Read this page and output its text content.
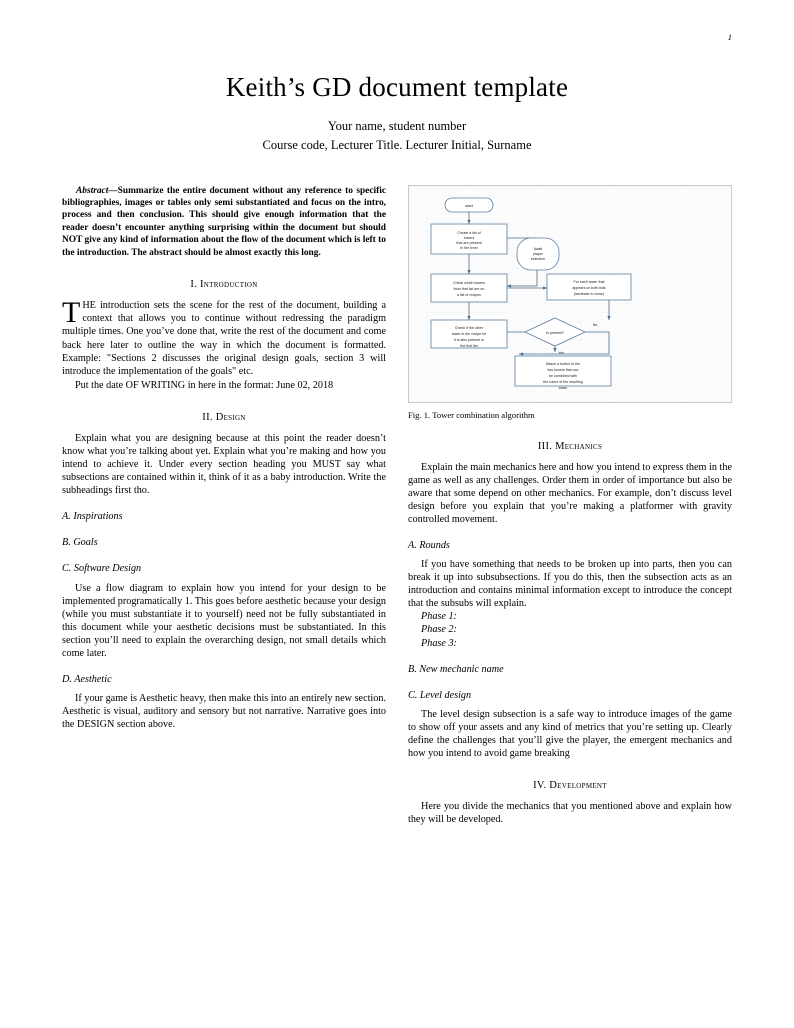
1
Keith’s GD document template
Your name, student number
Course code, Lecturer Title. Lecturer Initial, Surname
Abstract—Summarize the entire document without any reference to specific bibliographies, images or tables only semi substantiated and focus on the intro, process and then conclusion. This should give enough information that the reader doesn’t encounter anything surprising within the document but should NOT give any kind of information about the flow of the document which is left to the introduction. The abstract should be almost exactly this long.
I. Introduction

THE introduction sets the scene for the rest of the document, building a context that allows you to continue without redressing the paradigm multiple times. One you’ve done that, write the rest of the document and come back here later to outline the way in which the document is formatted. Example: "Sections 2 discusses the original design goals, section 3 will introduce the implementation of the goals" etc.

Put the date OF WRITING in here in the format: June 02, 2018

II. Design

Explain what you are designing because at this point the reader doesn’t know what you’re talking about yet. Explain what you’re making and how you intend to achieve it. Under every section heading you MUST say what subsections are contained within it, think of it as a baby introduction. Write the subheadings first tho.

A. Inspirations
B. Goals
C. Software Design

Use a flow diagram to explain how you intend for your design to be implemented programatically 1. This goes before aesthetic because your design (while you must substantiate it to yourself) need not be fully substantiated in this document while your aesthetic decisions must be substantiated. In this section you’ll need to explain the overarching design, not small details which come later.

D. Aesthetic

If your game is Aesthetic heavy, then make this into an entirely new section. Aesthetic is visual, auditory and sensory but not narrative. Narrative goes into the DESIGN section above.

start
Create a list of
towers
that are present
in the level	Await
player
selection
Check which towers
from that list are on
a list of recipes
For each tower that
appears on both lists
(lamiinate to close)
Check if the other
tower in the recipe for
it is also present in
the first list
Is present?
No
Yes
Attach a button to the
two towers that can
be combined with
the name of the resulting
tower
Fig. 1. Tower combination algorithm
III. Mechanics

Explain the main mechanics here and how you intend to express them in the game as well as any challenges. Order them in order of importance but also be aware that some depend on other mechanics. For example, don’t discuss level design before you explain that you’re making a platformer with gravity controlled movement.

A. Rounds

If you have something that needs to be broken up into parts, then you can break it up into subsubsections. If you do this, then the subsection acts as an introduction and contains minimal information except to introduce the concept that the subsubs will explain.

Phase 1:

Phase 2:

Phase 3:

B. New mechanic name
C. Level design

The level design subsection is a safe way to introduce images of the game to show off your assets and any kind of metrics that you’re setting up. Clearly define the challenges that you’ll give the player, the emergent mechanics and how you intend to avoid game breaking

IV. Development

Here you divide the mechanics that you mentioned above and explain how they will be developed.
